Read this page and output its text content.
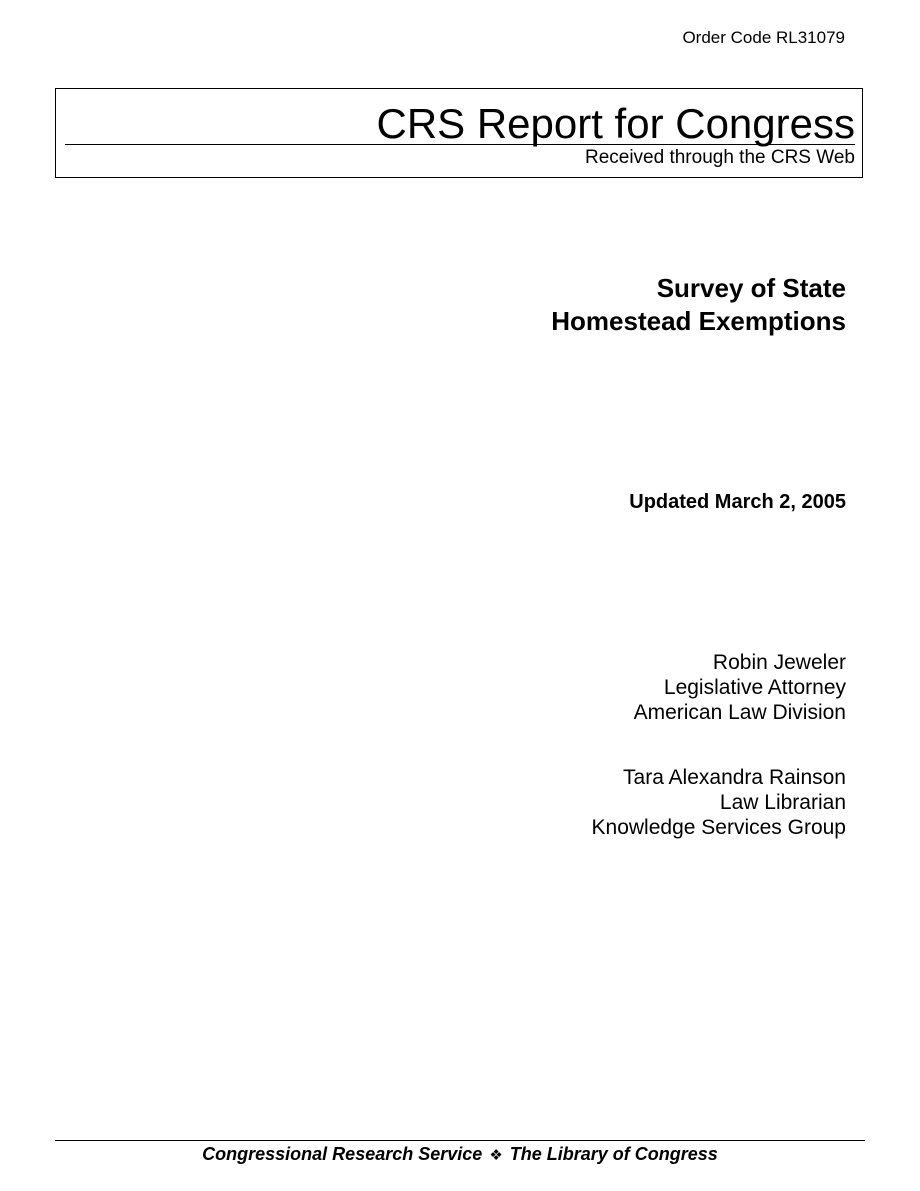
Order Code RL31079
CRS Report for Congress
Received through the CRS Web
Survey of State
Homestead Exemptions
Updated March 2, 2005
Robin Jeweler
Legislative Attorney
American Law Division
Tara Alexandra Rainson
Law Librarian
Knowledge Services Group
Congressional Research Service ❖ The Library of Congress
